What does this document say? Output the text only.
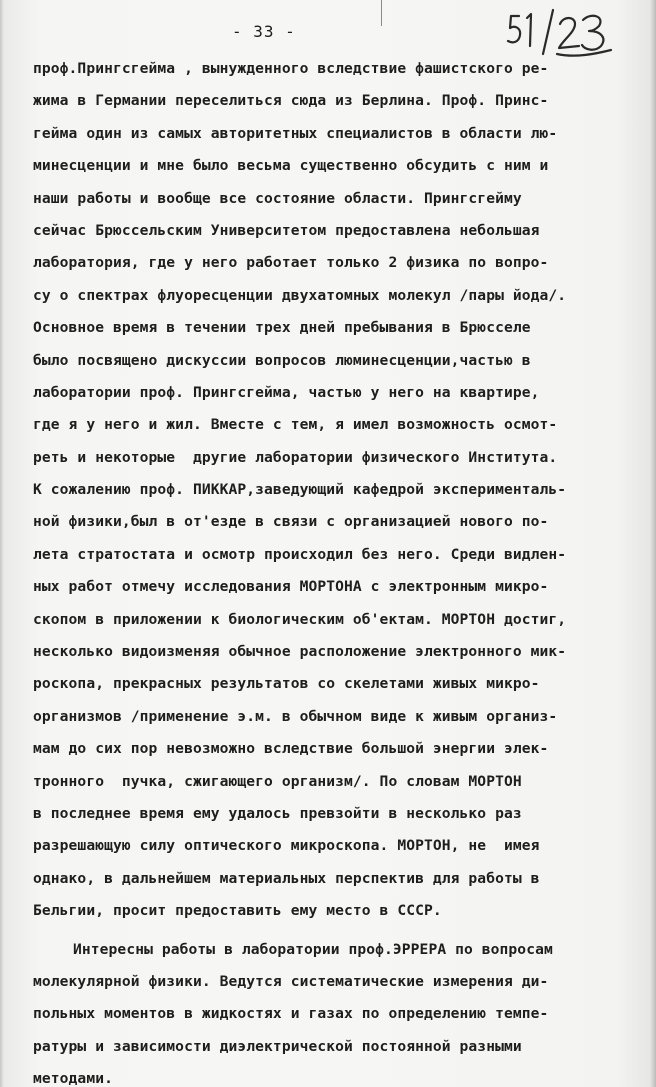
- 33 -
проф.Прингсгейма , вынужденного вследствие фашистского ре-
жима в Германии переселиться сюда из Берлина. Проф. Принс-
гейма один из самых авторитетных специалистов в области лю-
минесценции и мне было весьма существенно обсудить с ним и
наши работы и вообще все состояние области. Прингсгейму
сейчас Брюссельским Университетом предоставлена небольшая
лаборатория, где у него работает только 2 физика по вопро-
су о спектрах флуоресценции двухатомных молекул /пары йода/.
Основное время в течении трех дней пребывания в Брюсселе
было посвящено дискуссии вопросов люминесценции,частью в
лаборатории проф. Прингсгейма, частью у него на квартире,
где я у него и жил. Вместе с тем, я имел возможность осмот-
реть и некоторые  другие лаборатории физического Института.
К сожалению проф. ПИККАР,заведующий кафедрой эксперименталь-
ной физики,был в от'езде в связи с организацией нового по-
лета стратостата и осмотр происходил без него. Среди видлен-
ных работ отмечу исследования МОРТОНА с электронным микро-
скопом в приложении к биологическим об'ектам. МОРТОН достиг,
несколько видоизменяя обычное расположение электронного мик-
роскопа, прекрасных результатов со скелетами живых микро-
организмов /применение э.м. в обычном виде к живым организ-
мам до сих пор невозможно вследствие большой энергии элек-
тронного  пучка, сжигающего организм/. По словам МОРТОН
в последнее время ему удалось превзойти в несколько раз
разрешающую силу оптического микроскопа. МОРТОН, не  имея
однако, в дальнейшем материальных перспектив для работы в
Бельгии, просит предоставить ему место в СССР.
Интересны работы в лаборатории проф.ЭРРЕРА по вопросам
молекулярной физики. Ведутся систематические измерения ди-
польных моментов в жидкостях и газах по определению темпе-
ратуры и зависимости диэлектрической постоянной разными
методами.
